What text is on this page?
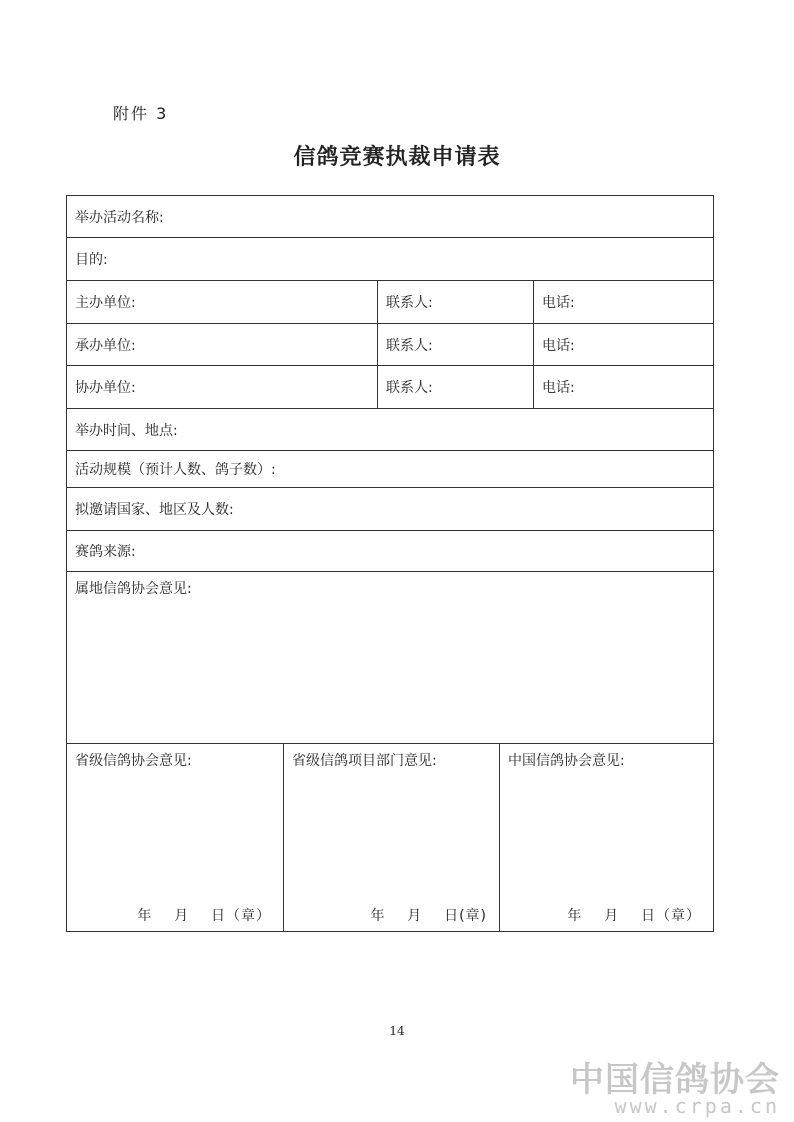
附件 3
信鸽竞赛执裁申请表
举办活动名称:
目的:
主办单位:	联系人:	电话:
承办单位:	联系人:	电话:
协办单位:	联系人:	电话:
举办时间、地点:
活动规模（预计人数、鸽子数）:
拟邀请国家、地区及人数:
赛鸽来源:
属地信鸽协会意见:
省级信鸽协会意见:
年    月    日（章）
省级信鸽项目部门意见:
年    月    日(章)
中国信鸽协会意见:
年    月    日（章）
14
中国信鸽协会
www.crpa.cn
